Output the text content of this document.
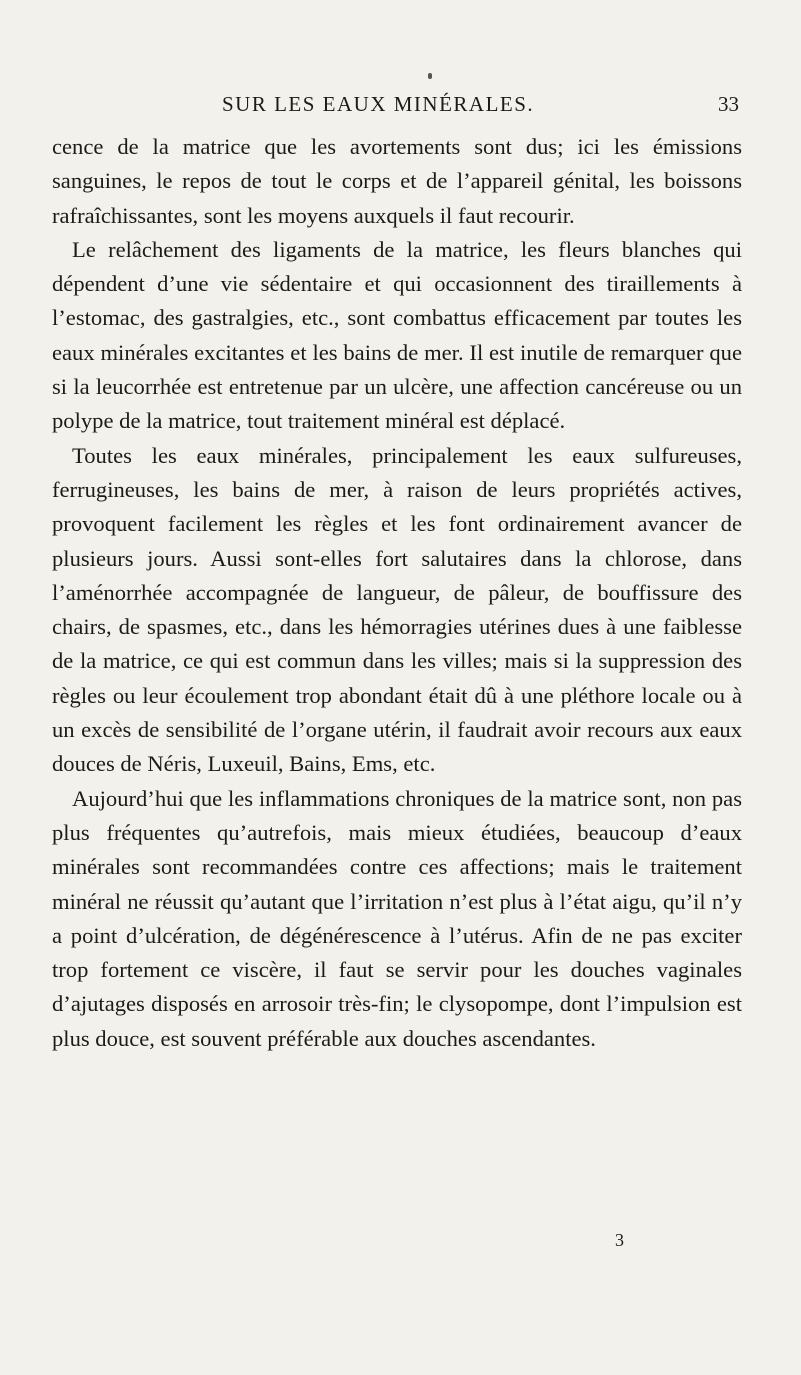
SUR LES EAUX MINÉRALES.	33

cence de la matrice que les avortements sont dus; ici les émissions sanguines, le repos de tout le corps et de l’appareil génital, les boissons rafraîchissantes, sont les moyens auxquels il faut recourir.

Le relâchement des ligaments de la matrice, les fleurs blanches qui dépendent d’une vie sédentaire et qui occasionnent des tiraillements à l’estomac, des gastralgies, etc., sont combattus efficacement par toutes les eaux minérales excitantes et les bains de mer. Il est inutile de remarquer que si la leucorrhée est entretenue par un ulcère, une affection cancéreuse ou un polype de la matrice, tout traitement minéral est déplacé.

Toutes les eaux minérales, principalement les eaux sulfureuses, ferrugineuses, les bains de mer, à raison de leurs propriétés actives, provoquent facilement les règles et les font ordinairement avancer de plusieurs jours. Aussi sont-elles fort salutaires dans la chlorose, dans l’aménorrhée accompagnée de langueur, de pâleur, de bouffissure des chairs, de spasmes, etc., dans les hémorragies utérines dues à une faiblesse de la matrice, ce qui est commun dans les villes; mais si la suppression des règles ou leur écoulement trop abondant était dû à une pléthore locale ou à un excès de sensibilité de l’organe utérin, il faudrait avoir recours aux eaux douces de Néris, Luxeuil, Bains, Ems, etc.

Aujourd’hui que les inflammations chroniques de la matrice sont, non pas plus fréquentes qu’autrefois, mais mieux étudiées, beaucoup d’eaux minérales sont recommandées contre ces affections; mais le traitement minéral ne réussit qu’autant que l’irritation n’est plus à l’état aigu, qu’il n’y a point d’ulcération, de dégénérescence à l’utérus. Afin de ne pas exciter trop fortement ce viscère, il faut se servir pour les douches vaginales d’ajutages disposés en arrosoir très-fin; le clysopompe, dont l’impulsion est plus douce, est souvent préférable aux douches ascendantes.

3
